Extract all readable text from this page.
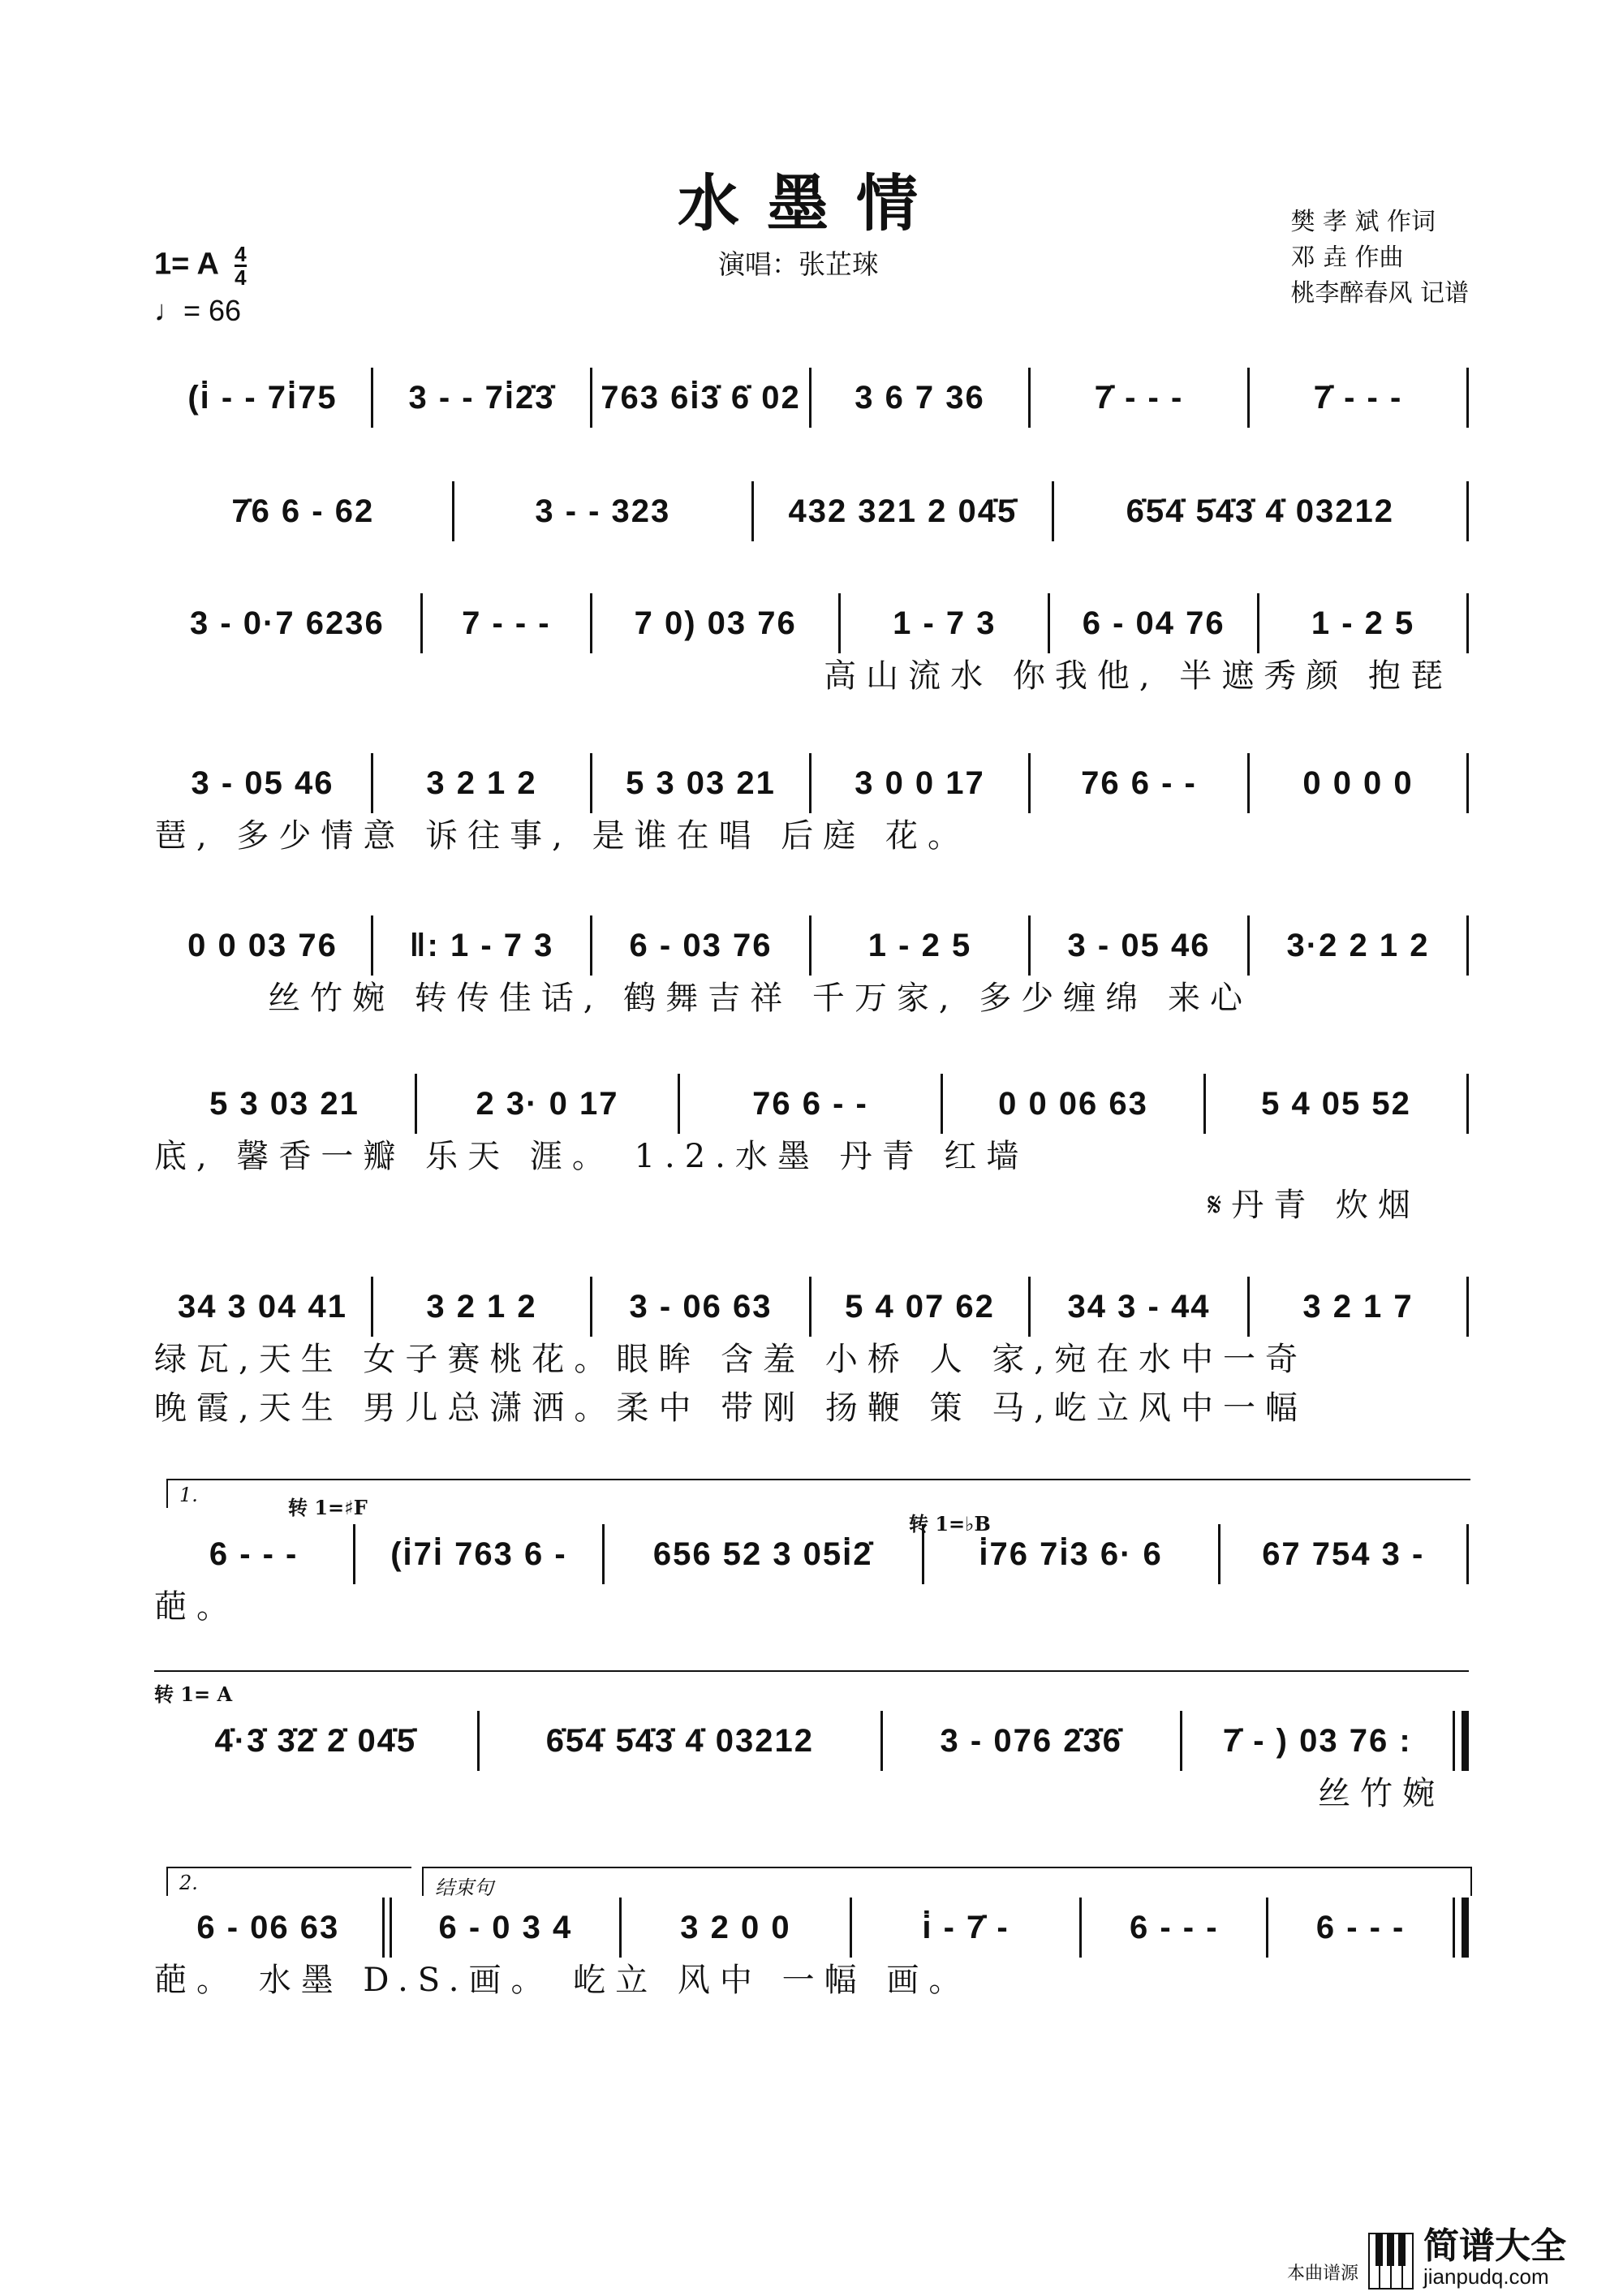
水墨情	樊 孝 斌 作词
邓 垚 作曲
桃李醉春风 记谱
演唱：张芷琜
1= A $\frac{4}{4}$
♩= 66
(i̇ - - 7i̇75	3 - - 7i̇2̇3̇	763 6i̇3̇ 6̇ 02	3 6 7 36	7̇ - - -	7̇ - - -
7̇6 6 - 62	3 - - 323	432 321 2 04̇5̇	6̇5̇4̇ 5̇4̇3̇ 4̇ 03212
3 - 0·7 6236	7 - - -	7 0) 03 76	1 - 7 3	6 - 04 76	1 - 2 5
高山流水 你我他, 半遮秀颜 抱琵
3 - 05 46	3 2 1 2	5 3 03 21	3 0 0 17	76 6 - -	0 0 0 0
琶, 多少情意 诉往事, 是谁在唱 后庭 花。
0 0 03 76	‖: 1 - 7 3	6 - 03 76	1 - 2 5	3 - 05 46	3·2 2 1 2
丝竹婉 转传佳话, 鹤舞吉祥 千万家, 多少缠绵 来心
5 3 03 21	2 3· 0 17	76 6 - -	0 0 06 63	5 4 05 52
底, 馨香一瓣 乐天 涯。 1.2.水墨 丹青 红墙
𝄋丹青 炊烟
34 3 04 41	3 2 1 2	3 - 06 63	5 4 07 62	34 3 - 44	3 2 1 7
绿瓦,天生 女子赛桃花。眼眸 含羞 小桥 人 家,宛在水中一奇
晚霞,天生 男儿总潇洒。柔中 带刚 扬鞭 策 马,屹立风中一幅
1.
转 1=♯F
转 1=♭B
6 - - -	(i̇7i̇ 763 6 -	656 52 3 05i̇2̇	i̇76 7i̇3 6· 6	67 754 3 -
葩。
转 1= A
4̇·3̇ 3̇2̇ 2̇ 04̇5̇	6̇5̇4̇ 5̇4̇3̇ 4̇ 03212	3 - 076 2̇3̇6̇	7̇ - ) 03 76 :
丝竹婉
2.	结束句
6 - 06 63	6 - 0 3 4	3 2 0 0	i̇ - 7̇ -	6 - - -	6 - - -
葩。 水墨 D.S.画。 屹立 风中 一幅 画。
本曲谱源
简谱大全
jianpudq.com
